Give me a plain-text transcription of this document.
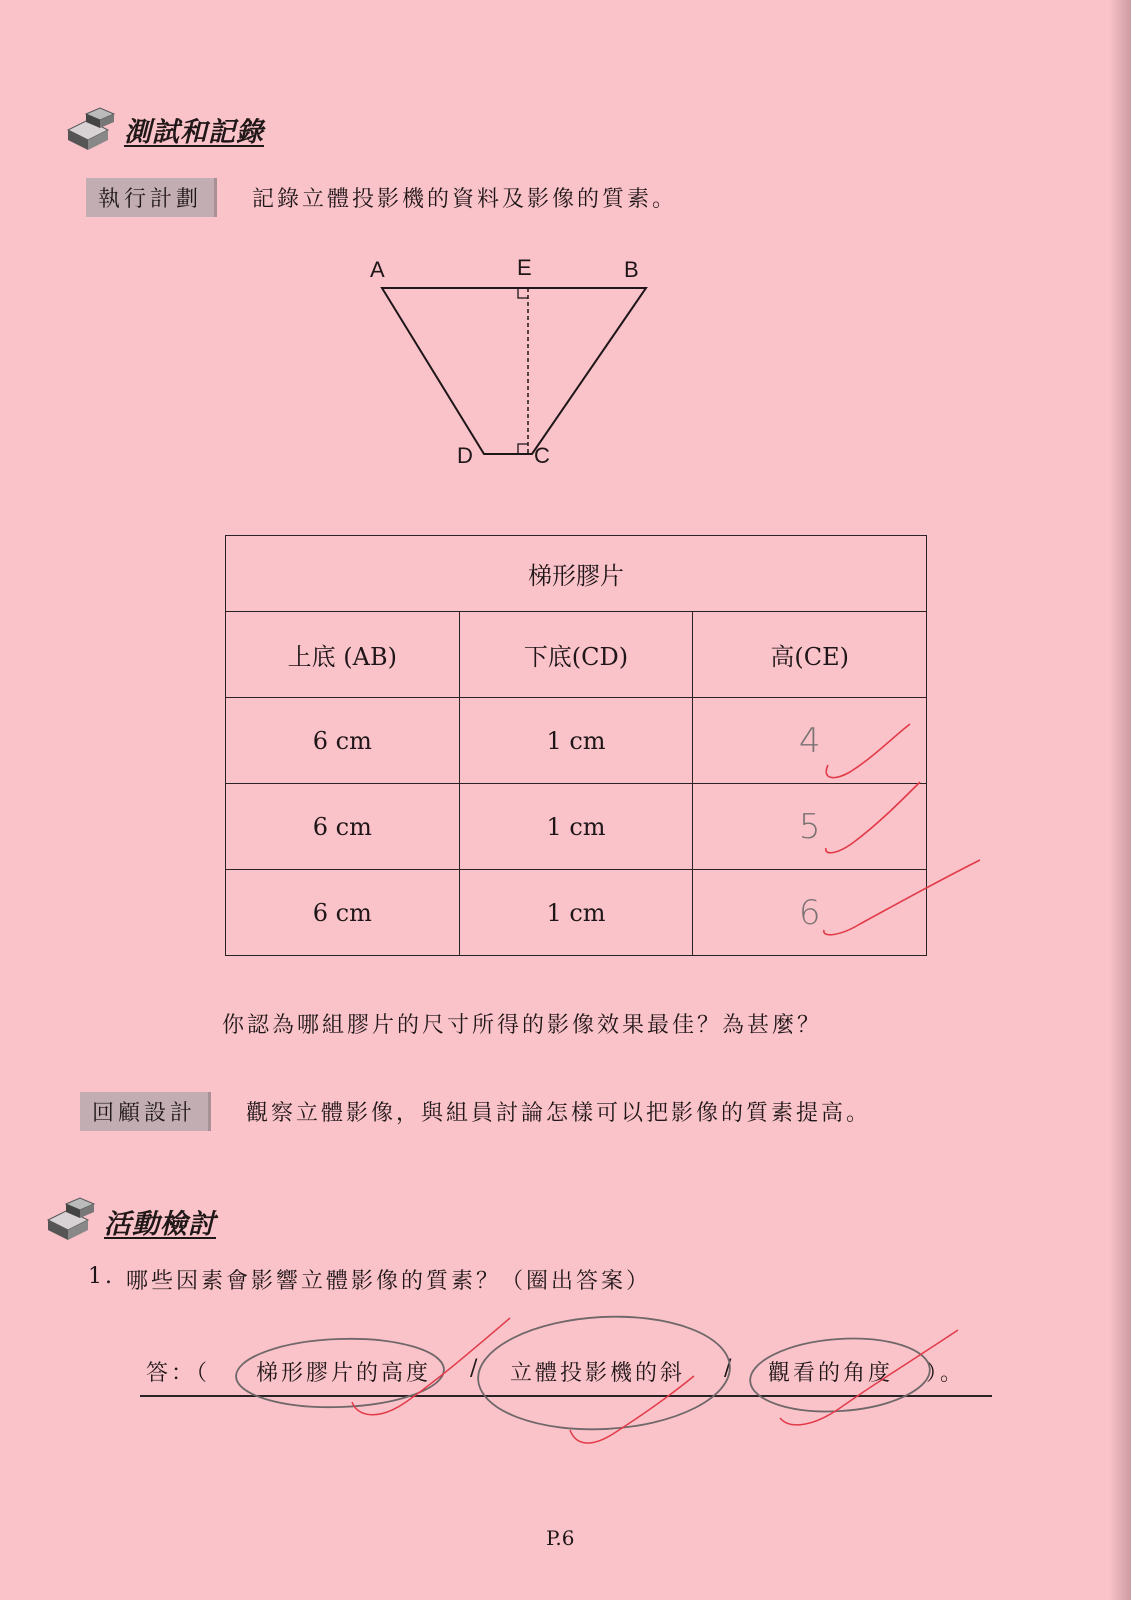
測試和記錄
執行計劃	記錄立體投影機的資料及影像的質素。
A	E	B
D	C
梯形膠片		
上底 (AB)	下底(CD)	高(CE)
6 cm	1 cm	4
6 cm	1 cm	5
6 cm	1 cm	6
你認為哪組膠片的尺寸所得的影像效果最佳？為甚麼？
回顧設計	觀察立體影像，與組員討論怎樣可以把影像的質素提高。
活動檢討
1. 哪些因素會影響立體影像的質素？（圈出答案）
答：（ 梯形膠片的高度 / 立體投影機的斜 / 觀看的角度 ）。
P.6
